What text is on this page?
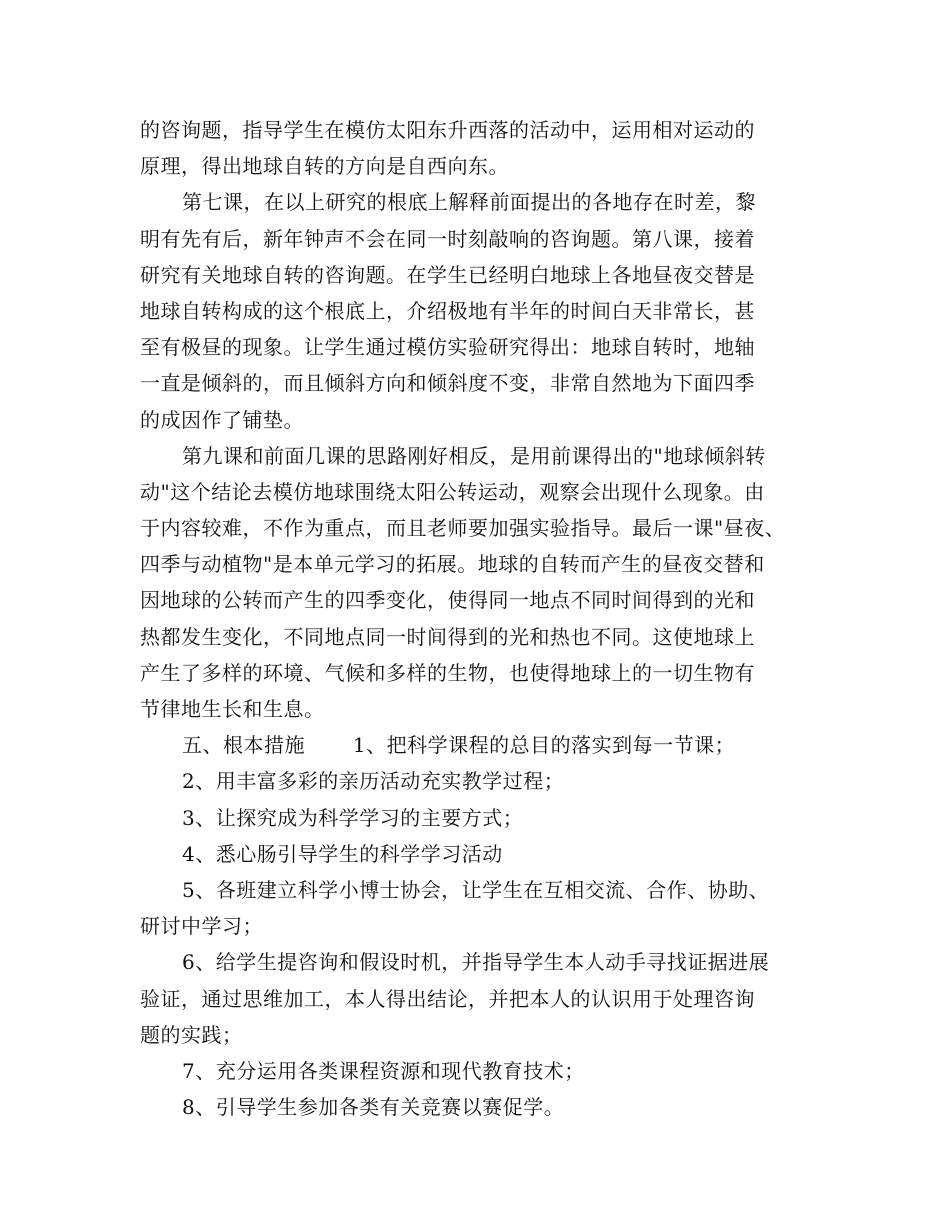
的咨询题，指导学生在模仿太阳东升西落的活动中，运用相对运动的
原理，得出地球自转的方向是自西向东。
第七课，在以上研究的根底上解释前面提出的各地存在时差，黎
明有先有后，新年钟声不会在同一时刻敲响的咨询题。第八课，接着
研究有关地球自转的咨询题。在学生已经明白地球上各地昼夜交替是
地球自转构成的这个根底上，介绍极地有半年的时间白天非常长，甚
至有极昼的现象。让学生通过模仿实验研究得出：地球自转时，地轴
一直是倾斜的，而且倾斜方向和倾斜度不变，非常自然地为下面四季
的成因作了铺垫。
第九课和前面几课的思路刚好相反，是用前课得出的"地球倾斜转
动"这个结论去模仿地球围绕太阳公转运动，观察会出现什么现象。由
于内容较难，不作为重点，而且老师要加强实验指导。最后一课"昼夜、
四季与动植物"是本单元学习的拓展。地球的自转而产生的昼夜交替和
因地球的公转而产生的四季变化，使得同一地点不同时间得到的光和
热都发生变化，不同地点同一时间得到的光和热也不同。这使地球上
产生了多样的环境、气候和多样的生物，也使得地球上的一切生物有
节律地生长和生息。
五、根本措施　　 1、把科学课程的总目的落实到每一节课；
2、用丰富多彩的亲历活动充实教学过程；
3、让探究成为科学学习的主要方式；
4、悉心肠引导学生的科学学习活动
5、各班建立科学小博士协会，让学生在互相交流、合作、协助、
研讨中学习；
6、给学生提咨询和假设时机，并指导学生本人动手寻找证据进展
验证，通过思维加工，本人得出结论，并把本人的认识用于处理咨询
题的实践；
7、充分运用各类课程资源和现代教育技术；
8、引导学生参加各类有关竞赛以赛促学。
